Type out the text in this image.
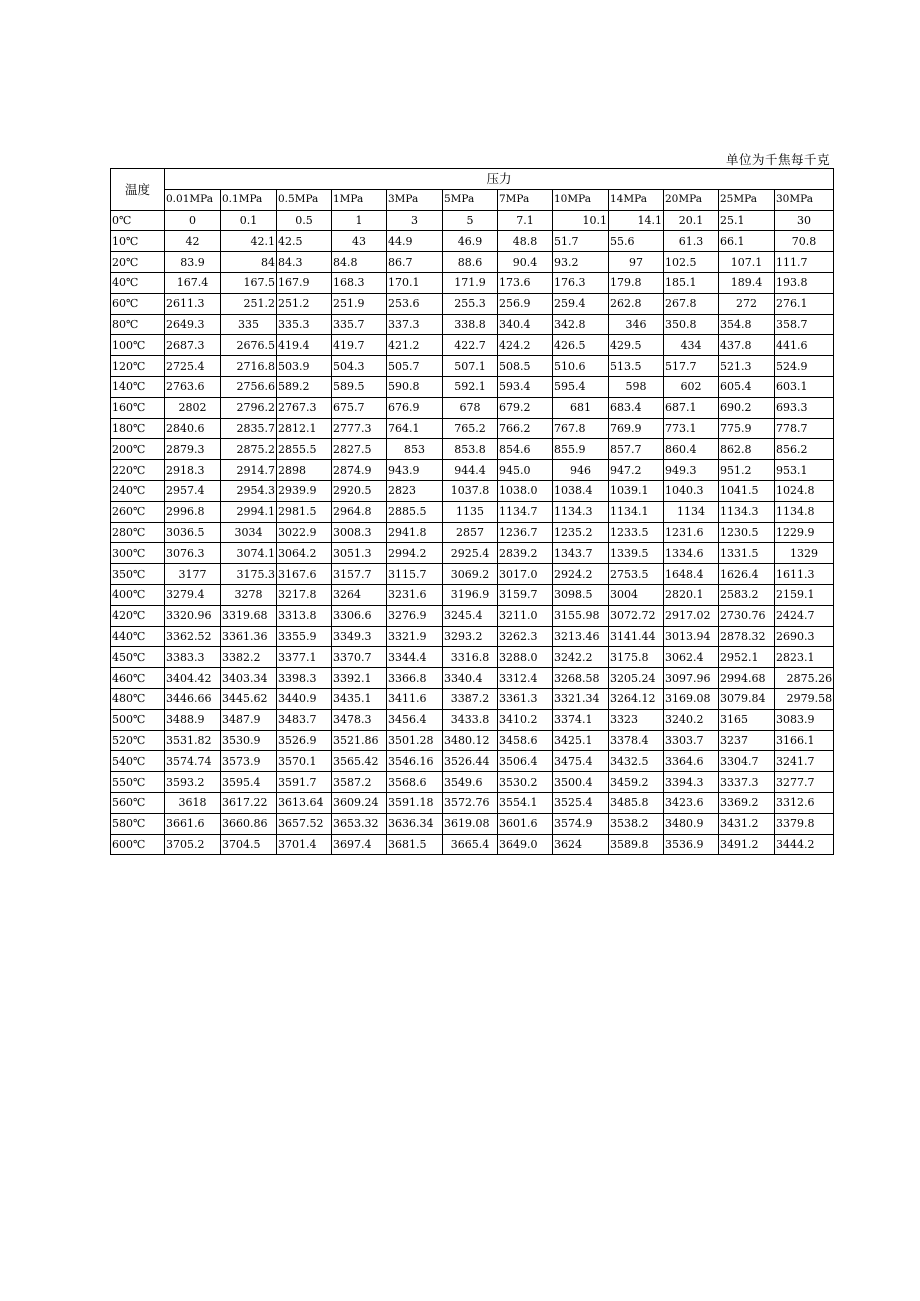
单位为千焦每千克
温度	压力											
	0.01MPa	0.1MPa	0.5MPa	1MPa	3MPa	5MPa	7MPa	10MPa	14MPa	20MPa	25MPa	30MPa
0℃	0	0.1	0.5	1	3	5	7.1	10.1	14.1	20.1	25.1	30
10℃	42	42.1	42.5	43	44.9	46.9	48.8	51.7	55.6	61.3	66.1	70.8
20℃	83.9	84	84.3	84.8	86.7	88.6	90.4	93.2	97	102.5	107.1	111.7
40℃	167.4	167.5	167.9	168.3	170.1	171.9	173.6	176.3	179.8	185.1	189.4	193.8
60℃	2611.3	251.2	251.2	251.9	253.6	255.3	256.9	259.4	262.8	267.8	272	276.1
80℃	2649.3	335	335.3	335.7	337.3	338.8	340.4	342.8	346	350.8	354.8	358.7
100℃	2687.3	2676.5	419.4	419.7	421.2	422.7	424.2	426.5	429.5	434	437.8	441.6
120℃	2725.4	2716.8	503.9	504.3	505.7	507.1	508.5	510.6	513.5	517.7	521.3	524.9
140℃	2763.6	2756.6	589.2	589.5	590.8	592.1	593.4	595.4	598	602	605.4	603.1
160℃	2802	2796.2	2767.3	675.7	676.9	678	679.2	681	683.4	687.1	690.2	693.3
180℃	2840.6	2835.7	2812.1	2777.3	764.1	765.2	766.2	767.8	769.9	773.1	775.9	778.7
200℃	2879.3	2875.2	2855.5	2827.5	853	853.8	854.6	855.9	857.7	860.4	862.8	856.2
220℃	2918.3	2914.7	2898	2874.9	943.9	944.4	945.0	946	947.2	949.3	951.2	953.1
240℃	2957.4	2954.3	2939.9	2920.5	2823	1037.8	1038.0	1038.4	1039.1	1040.3	1041.5	1024.8
260℃	2996.8	2994.1	2981.5	2964.8	2885.5	1135	1134.7	1134.3	1134.1	1134	1134.3	1134.8
280℃	3036.5	3034	3022.9	3008.3	2941.8	2857	1236.7	1235.2	1233.5	1231.6	1230.5	1229.9
300℃	3076.3	3074.1	3064.2	3051.3	2994.2	2925.4	2839.2	1343.7	1339.5	1334.6	1331.5	1329
350℃	3177	3175.3	3167.6	3157.7	3115.7	3069.2	3017.0	2924.2	2753.5	1648.4	1626.4	1611.3
400℃	3279.4	3278	3217.8	3264	3231.6	3196.9	3159.7	3098.5	3004	2820.1	2583.2	2159.1
420℃	3320.96	3319.68	3313.8	3306.6	3276.9	3245.4	3211.0	3155.98	3072.72	2917.02	2730.76	2424.7
440℃	3362.52	3361.36	3355.9	3349.3	3321.9	3293.2	3262.3	3213.46	3141.44	3013.94	2878.32	2690.3
450℃	3383.3	3382.2	3377.1	3370.7	3344.4	3316.8	3288.0	3242.2	3175.8	3062.4	2952.1	2823.1
460℃	3404.42	3403.34	3398.3	3392.1	3366.8	3340.4	3312.4	3268.58	3205.24	3097.96	2994.68	2875.26
480℃	3446.66	3445.62	3440.9	3435.1	3411.6	3387.2	3361.3	3321.34	3264.12	3169.08	3079.84	2979.58
500℃	3488.9	3487.9	3483.7	3478.3	3456.4	3433.8	3410.2	3374.1	3323	3240.2	3165	3083.9
520℃	3531.82	3530.9	3526.9	3521.86	3501.28	3480.12	3458.6	3425.1	3378.4	3303.7	3237	3166.1
540℃	3574.74	3573.9	3570.1	3565.42	3546.16	3526.44	3506.4	3475.4	3432.5	3364.6	3304.7	3241.7
550℃	3593.2	3595.4	3591.7	3587.2	3568.6	3549.6	3530.2	3500.4	3459.2	3394.3	3337.3	3277.7
560℃	3618	3617.22	3613.64	3609.24	3591.18	3572.76	3554.1	3525.4	3485.8	3423.6	3369.2	3312.6
580℃	3661.6	3660.86	3657.52	3653.32	3636.34	3619.08	3601.6	3574.9	3538.2	3480.9	3431.2	3379.8
600℃	3705.2	3704.5	3701.4	3697.4	3681.5	3665.4	3649.0	3624	3589.8	3536.9	3491.2	3444.2
